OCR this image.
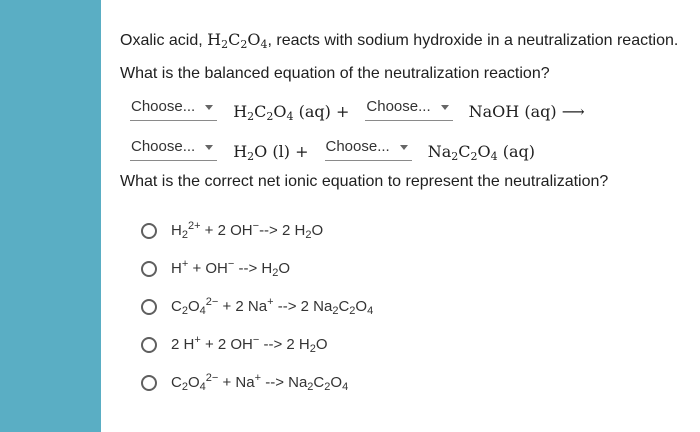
Oxalic acid, $H_2C_2O_4$, reacts with sodium hydroxide in a neutralization reaction.
What is the balanced equation of the neutralization reaction?
Choose...	$H_2C_2O_4$ (aq) + Choose...	NaOH (aq) ⟶
Choose...	$H_2O$ (l) + Choose...	$Na_2C_2O_4$ (aq)
What is the correct net ionic equation to represent the neutralization?
$H_2^{2+} + 2$ OH−--> 2 $H_2O$
H+ + OH− --> $H_2O$
$C_2O_4^{2-} + 2$ Na+ --> 2 $Na_2C_2O_4$
2 H+ + 2 OH− --> 2 $H_2O$
$C_2O_4^{2-} + Na^+$ --> $Na_2C_2O_4$
